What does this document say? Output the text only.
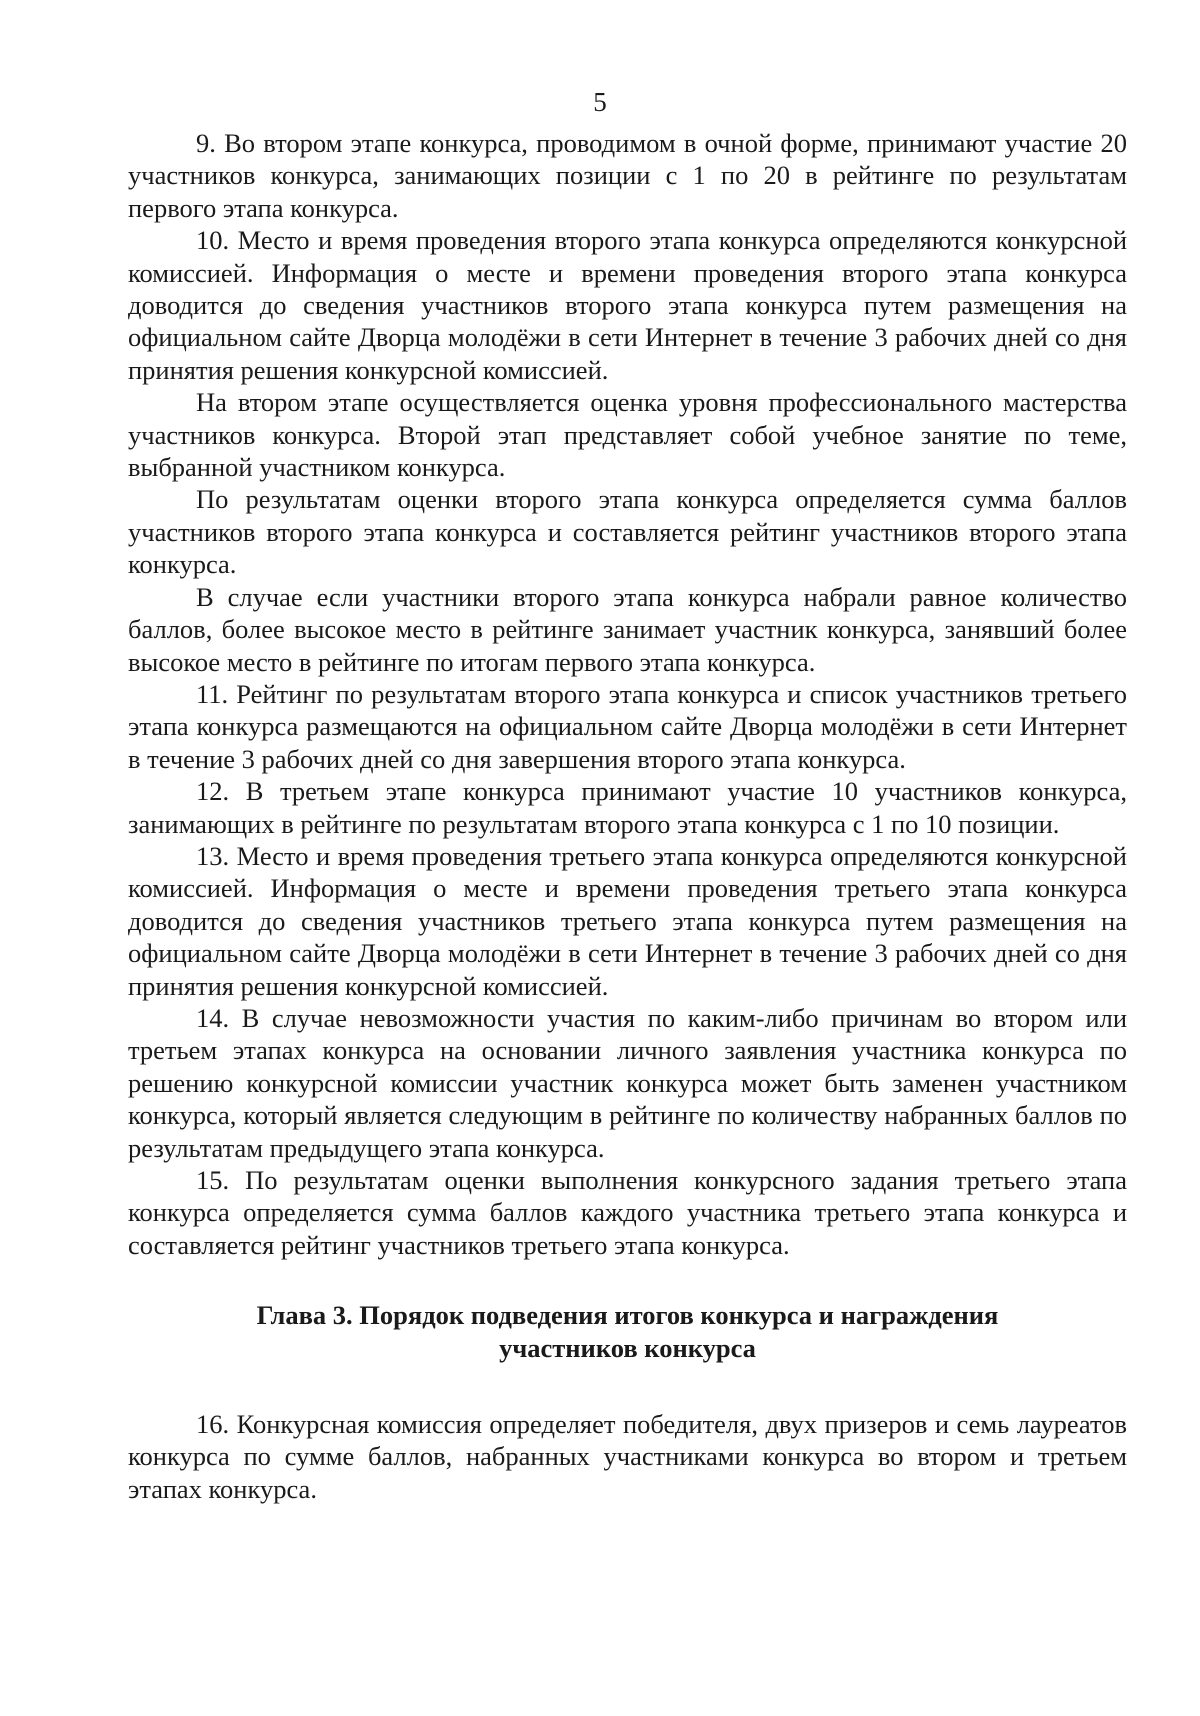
5

9. Во втором этапе конкурса, проводимом в очной форме, принимают участие 20 участников конкурса, занимающих позиции с 1 по 20 в рейтинге по результатам первого этапа конкурса.

10. Место и время проведения второго этапа конкурса определяются конкурсной комиссией. Информация о месте и времени проведения второго этапа конкурса доводится до сведения участников второго этапа конкурса путем размещения на официальном сайте Дворца молодёжи в сети Интернет в течение 3 рабочих дней со дня принятия решения конкурсной комиссией.

На втором этапе осуществляется оценка уровня профессионального мастерства участников конкурса. Второй этап представляет собой учебное занятие по теме, выбранной участником конкурса.

По результатам оценки второго этапа конкурса определяется сумма баллов участников второго этапа конкурса и составляется рейтинг участников второго этапа конкурса.

В случае если участники второго этапа конкурса набрали равное количество баллов, более высокое место в рейтинге занимает участник конкурса, занявший более высокое место в рейтинге по итогам первого этапа конкурса.

11. Рейтинг по результатам второго этапа конкурса и список участников третьего этапа конкурса размещаются на официальном сайте Дворца молодёжи в сети Интернет в течение 3 рабочих дней со дня завершения второго этапа конкурса.

12. В третьем этапе конкурса принимают участие 10 участников конкурса, занимающих в рейтинге по результатам второго этапа конкурса с 1 по 10 позиции.

13. Место и время проведения третьего этапа конкурса определяются конкурсной комиссией. Информация о месте и времени проведения третьего этапа конкурса доводится до сведения участников третьего этапа конкурса путем размещения на официальном сайте Дворца молодёжи в сети Интернет в течение 3 рабочих дней со дня принятия решения конкурсной комиссией.

14. В случае невозможности участия по каким-либо причинам во втором или третьем этапах конкурса на основании личного заявления участника конкурса по решению конкурсной комиссии участник конкурса может быть заменен участником конкурса, который является следующим в рейтинге по количеству набранных баллов по результатам предыдущего этапа конкурса.

15. По результатам оценки выполнения конкурсного задания третьего этапа конкурса определяется сумма баллов каждого участника третьего этапа конкурса и составляется рейтинг участников третьего этапа конкурса.

Глава 3. Порядок подведения итогов конкурса и награждения
участников конкурса

16. Конкурсная комиссия определяет победителя, двух призеров и семь лауреатов конкурса по сумме баллов, набранных участниками конкурса во втором и третьем этапах конкурса.
